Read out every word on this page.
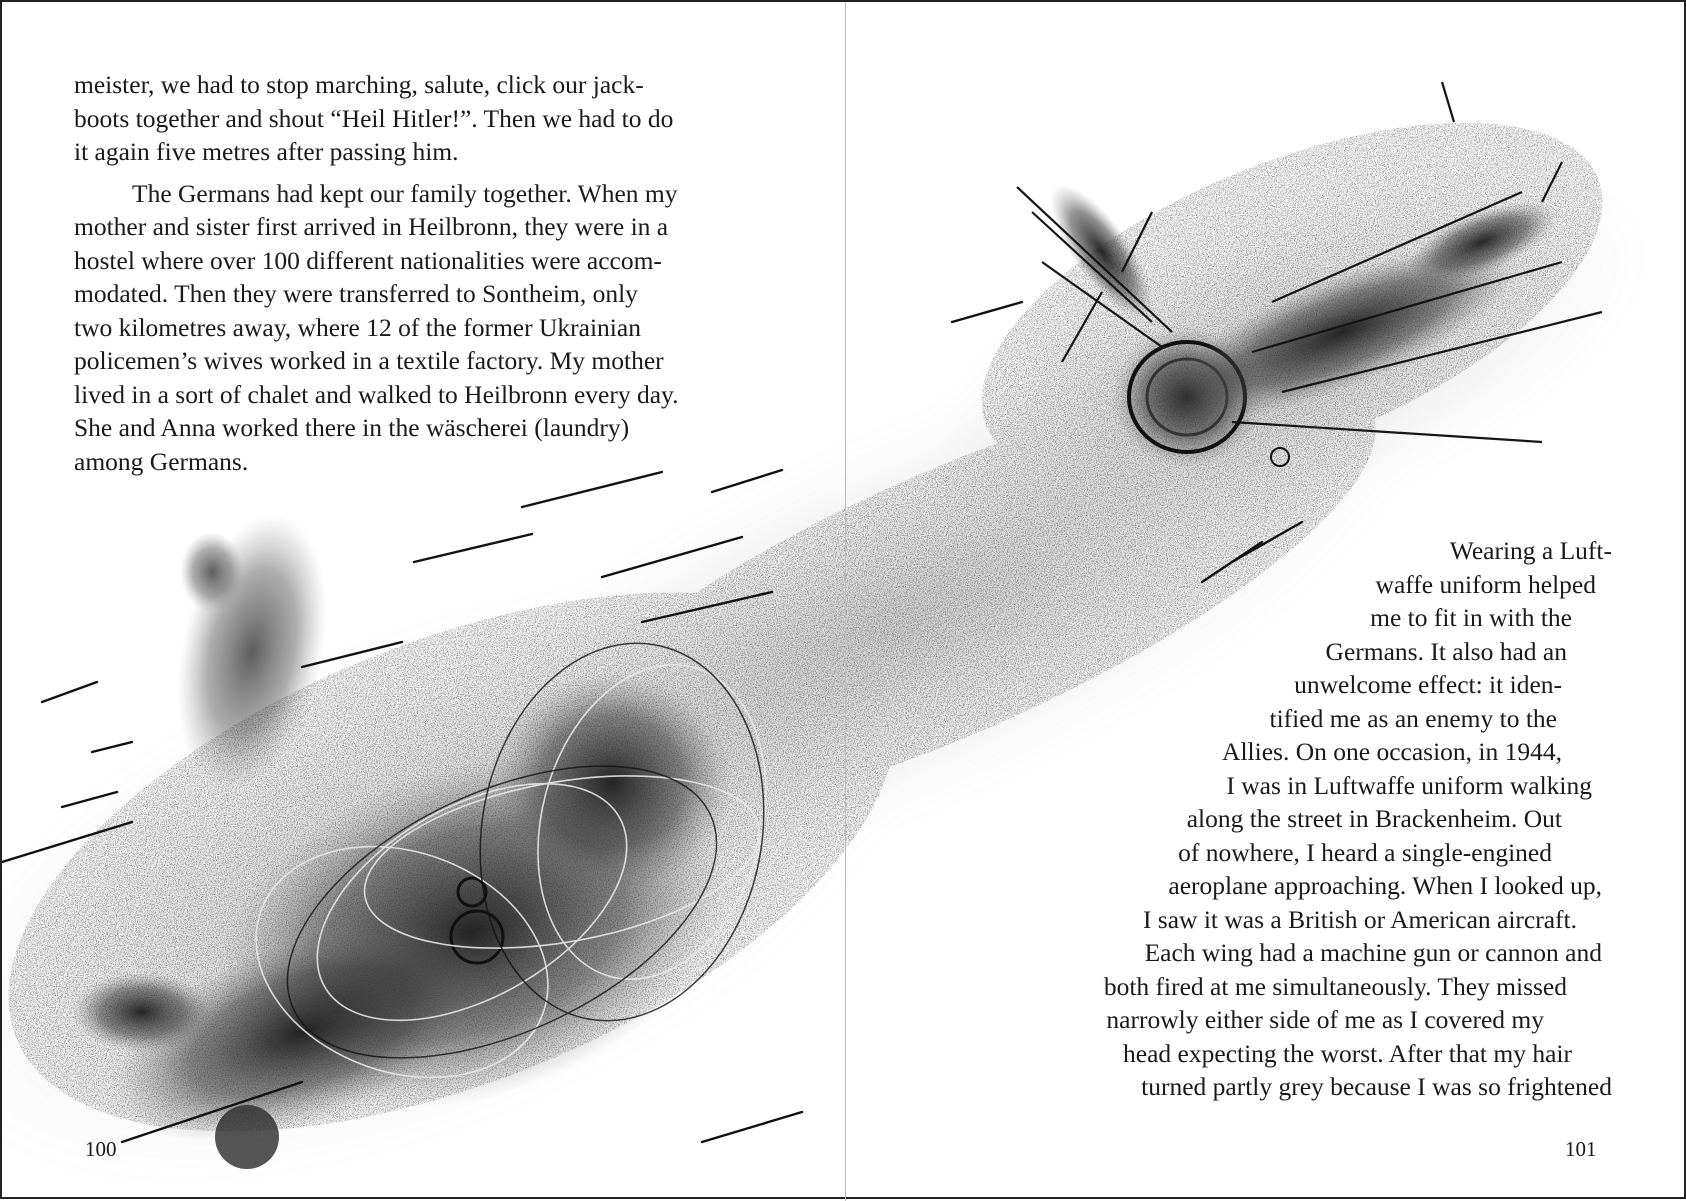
meister, we had to stop marching, salute, click our jack-
boots together and shout “Heil Hitler!”. Then we had to do
it again five metres after passing him.

The Germans had kept our family together. When my
mother and sister first arrived in Heilbronn, they were in a
hostel where over 100 different nationalities were accom-
modated. Then they were transferred to Sontheim, only
two kilometres away, where 12 of the former Ukrainian
policemen’s wives worked in a textile factory. My mother
lived in a sort of chalet and walked to Heilbronn every day.
She and Anna worked there in the wäscherei (laundry)
among Germans.

100
Wearing a Luft-
waffe uniform helped
me to fit in with the
Germans. It also had an
unwelcome effect: it iden-
tified me as an enemy to the
Allies. On one occasion, in 1944,
I was in Luftwaffe uniform walking
along the street in Brackenheim. Out
of nowhere, I heard a single-engined
aeroplane approaching. When I looked up,
I saw it was a British or American aircraft.
Each wing had a machine gun or cannon and
both fired at me simultaneously. They missed
narrowly either side of me as I covered my
head expecting the worst. After that my hair
turned partly grey because I was so frightened
101
